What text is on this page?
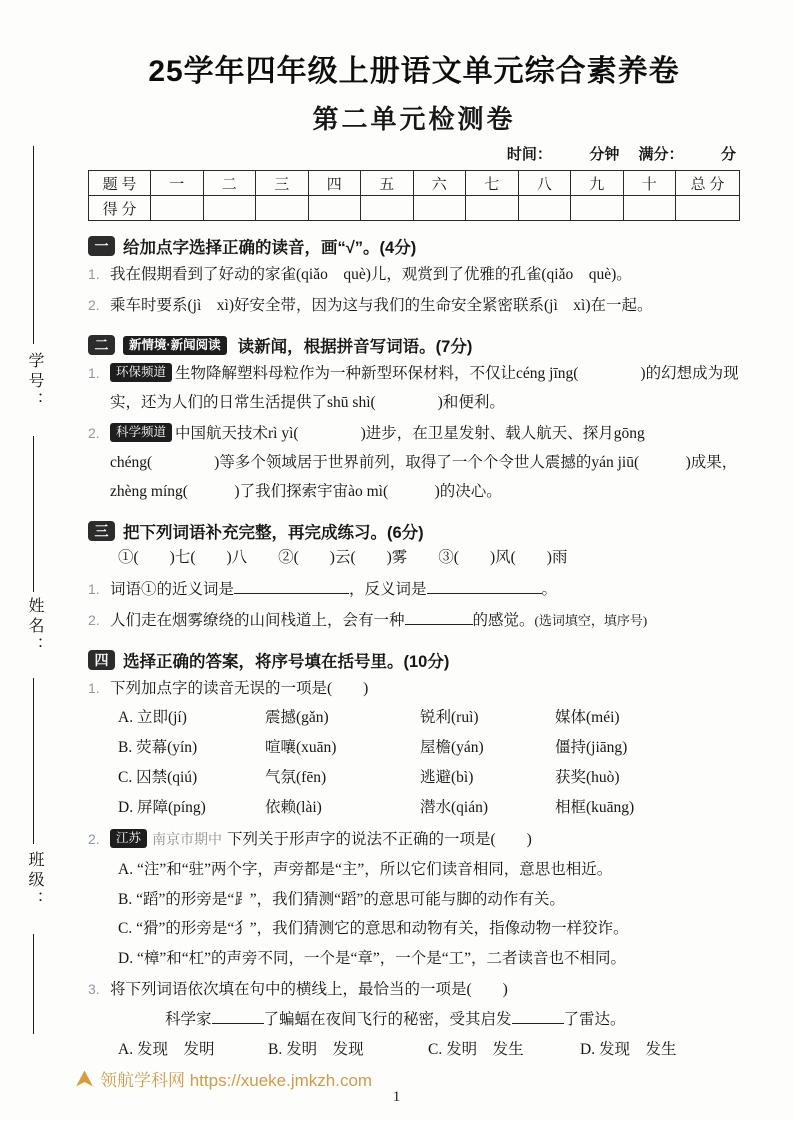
学号：
姓名：
班级：
25学年四年级上册语文单元综合素养卷
第二单元检测卷
时间：　　　分钟　 满分：　　　分
题 号	一	二	三	四	五	六	七	八	九	十	总 分
得 分											
一 给加点字选择正确的读音，画“√”。(4分)
1. 我在假期看到了好动的家雀(qiǎo　què)儿，观赏到了优雅的孔雀(qiǎo　què)。
2. 乘车时要系(jì　xì)好安全带，因为这与我们的生命安全紧密联系(jì　xì)在一起。
二	新情境·新闻阅读	读新闻，根据拼音写词语。(7分)
1.	环保频道 生物降解塑料母粒作为一种新型环保材料，不仅让céng jīng(　　　　)的幻想成为现实，还为人们的日常生活提供了shū shì(　　　　)和便利。
2.	科学频道 中国航天技术rì yì(　　　　)进步，在卫星发射、载人航天、探月gōng chéng(　　　　)等多个领域居于世界前列，取得了一个个令世人震撼的yán jiū(　　　)成果，zhèng míng(　　　)了我们探索宇宙ào mì(　　　)的决心。
三 把下列词语补充完整，再完成练习。(6分)
①(　　)七(　　)八　　②(　　)云(　　)雾　　③(　　)风(　　)雨
1. 词语①的近义词是	，反义词是	。
2. 人们走在烟雾缭绕的山间栈道上，会有一种	的感觉。(选词填空，填序号)
四 选择正确的答案，将序号填在括号里。(10分)
1. 下列加点字的读音无误的一项是(　　)
A. 立即(jí)	震撼(gǎn)	锐利(ruì)	媒体(méi)
B. 荧幕(yín)	喧嚷(xuān)	屋檐(yán)	僵持(jiāng)
C. 囚禁(qiú)	气氛(fēn)	逃避(bì)	获奖(huò)
D. 屏障(píng)	依赖(lài)	潜水(qián)	相框(kuāng)
2.	江苏 南京市期中 下列关于形声字的说法不正确的一项是(　　)
A. “注”和“驻”两个字，声旁都是“主”，所以它们读音相同，意思也相近。
B. “蹈”的形旁是“⻊”，我们猜测“蹈”的意思可能与脚的动作有关。
C. “猾”的形旁是“犭”，我们猜测它的意思和动物有关，指像动物一样狡诈。
D. “樟”和“杠”的声旁不同，一个是“章”，一个是“工”，二者读音也不相同。
3. 将下列词语依次填在句中的横线上，最恰当的一项是(　　)
科学家	了蝙蝠在夜间飞行的秘密，受其启发	了雷达。
A. 发现　发明	B. 发明　发现	C. 发明　发生	D. 发现　发生
领航学科网 https://xueke.jmkzh.com
1
